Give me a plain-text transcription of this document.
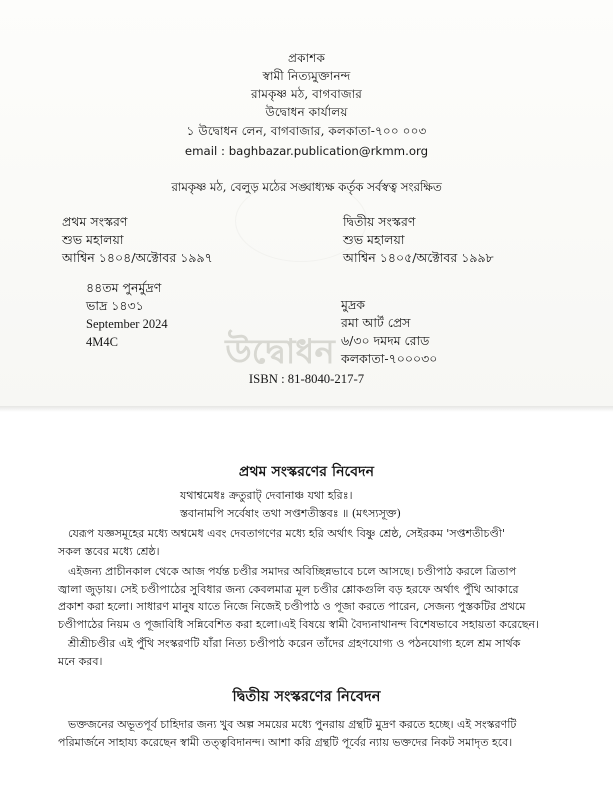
উদ্বোধন
প্রকাশক
স্বামী নিত্যমুক্তানন্দ
রামকৃষ্ণ মঠ, বাগবাজার
উদ্বোধন কার্যালয়
১ উদ্বোধন লেন, বাগবাজার, কলকাতা-৭০০ ০০৩
email : baghbazar.publication@rkmm.org
রামকৃষ্ণ মঠ, বেলুড় মঠের সঙ্ঘাধ্যক্ষ কর্তৃক সর্বস্বত্ব সংরক্ষিত
প্রথম সংস্করণ
শুভ মহালয়া
আশ্বিন ১৪০৪/অক্টোবর ১৯৯৭
দ্বিতীয় সংস্করণ
শুভ মহালয়া
আশ্বিন ১৪০৫/অক্টোবর ১৯৯৮
৪৪তম পুনর্মুদ্রণ
ভাদ্র ১৪৩১
September 2024
4M4C
মুদ্রক
রমা আর্ট প্রেস
৬/৩০ দমদম রোড
কলকাতা-৭০০০৩০
ISBN : 81-8040-217-7
প্রথম সংস্করণের নিবেদন
যথাশ্বমেধঃ ক্রতুরাট্ দেবানাঞ্চ যথা হরিঃ।
স্তবানামপি সর্বেষাং তথা সপ্তশতীস্তবঃ ॥ (মৎস্যসূক্ত)
যেরূপ যজ্ঞসমূহের মধ্যে অশ্বমেধ এবং দেবতাগণের মধ্যে হরি অর্থাৎ বিষ্ণু শ্রেষ্ঠ, সেইরকম 'সপ্তশতীচণ্ডী'
সকল স্তবের মধ্যে শ্রেষ্ঠ।
এইজন্য প্রাচীনকাল থেকে আজ পর্যন্ত চণ্ডীর সমাদর অবিচ্ছিন্নভাবে চলে আসছে। চণ্ডীপাঠ করলে ত্রিতাপ
জ্বালা জুড়ায়। সেই চণ্ডীপাঠের সুবিধার জন্য কেবলমাত্র মূল চণ্ডীর শ্লোকগুলি বড় হরফে অর্থাৎ পুঁথি আকারে
প্রকাশ করা হলো। সাধারণ মানুষ যাতে নিজে নিজেই চণ্ডীপাঠ ও পূজা করতে পারেন, সেজন্য পুস্তকটির প্রথমে
চণ্ডীপাঠের নিয়ম ও পূজাবিধি সন্নিবেশিত করা হলো।এই বিষয়ে স্বামী বৈদ্যনাথানন্দ বিশেষভাবে সহায়তা করেছেন।
শ্রীশ্রীচণ্ডীর এই পুঁথি সংস্করণটি যাঁরা নিত্য চণ্ডীপাঠ করেন তাঁদের গ্রহণযোগ্য ও পঠনযোগ্য হলে শ্রম সার্থক
মনে করব।
দ্বিতীয় সংস্করণের নিবেদন
ভক্তজনের অভূতপূর্ব চাহিদার জন্য খুব অল্প সময়ের মধ্যে পুনরায় গ্রন্থটি মুদ্রণ করতে হচ্ছে। এই সংস্করণটি
পরিমার্জনে সাহায্য করেছেন স্বামী তত্ত্ববিদানন্দ। আশা করি গ্রন্থটি পূর্বের ন্যায় ভক্তদের নিকট সমাদৃত হবে।
